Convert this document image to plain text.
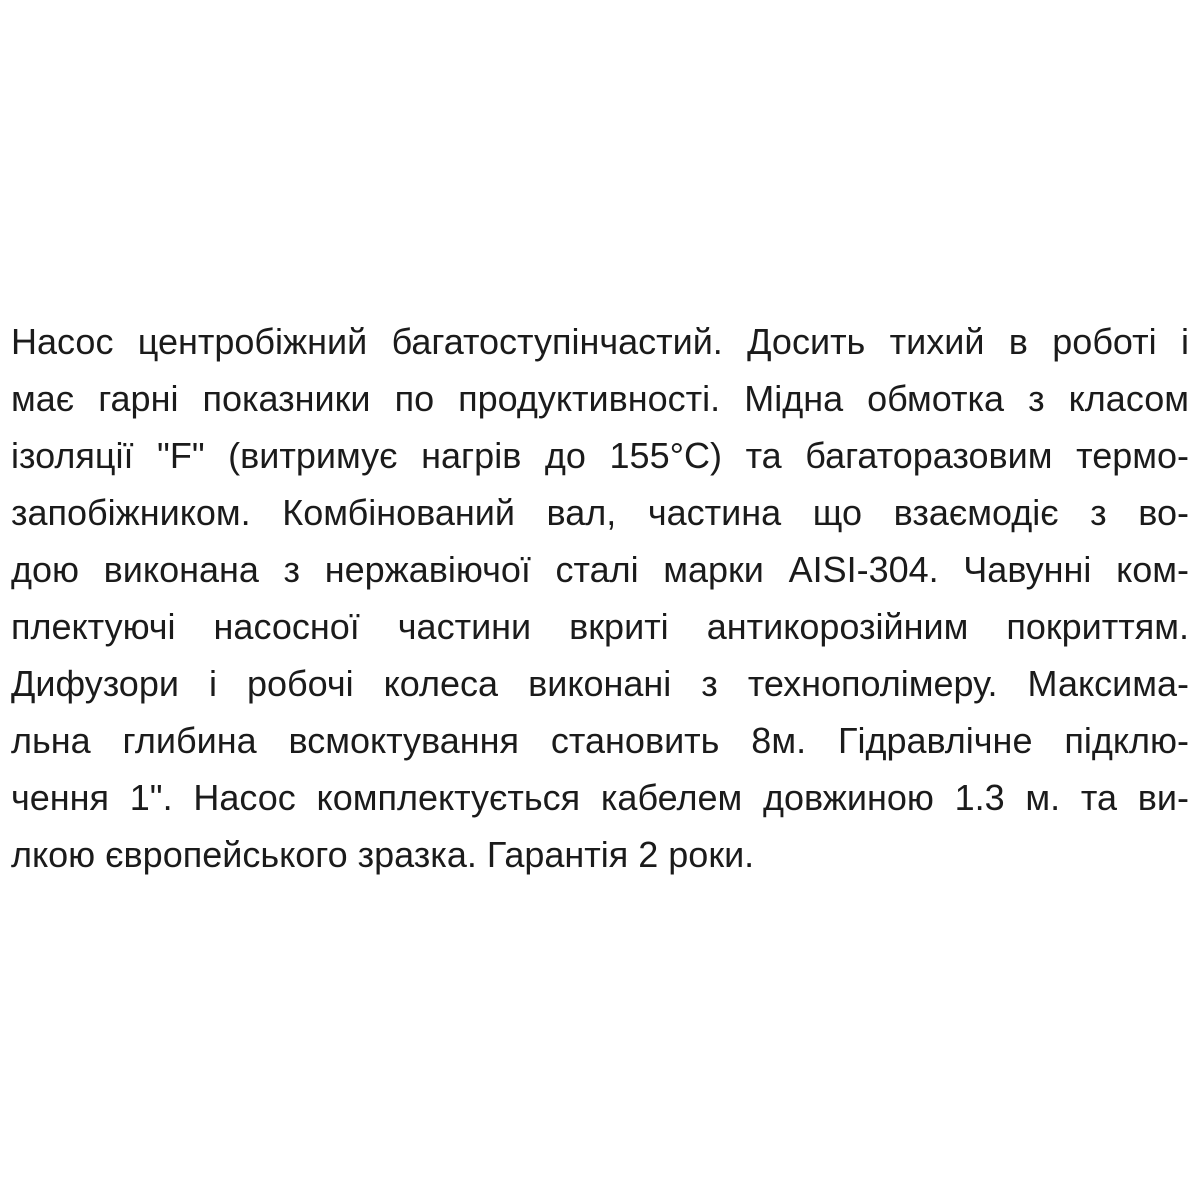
Насос центробіжний багатоступінчастий. Досить тихий в роботі і
має гарні показники по продуктивності. Мідна обмотка з класом
ізоляції "F" (витримує нагрів до 155°С) та багаторазовим термо-
запобіжником. Комбінований вал, частина що взаємодіє з во-
дою виконана з нержавіючої сталі марки AISI-304. Чавунні ком-
плектуючі насосної частини вкриті антикорозійним покриттям.
Дифузори і робочі колеса виконані з технополімеру. Максима-
льна глибина всмоктування становить 8м. Гідравлічне підклю-
чення 1". Насос комплектується кабелем довжиною 1.3 м. та ви-
лкою європейського зразка. Гарантія 2 роки.
